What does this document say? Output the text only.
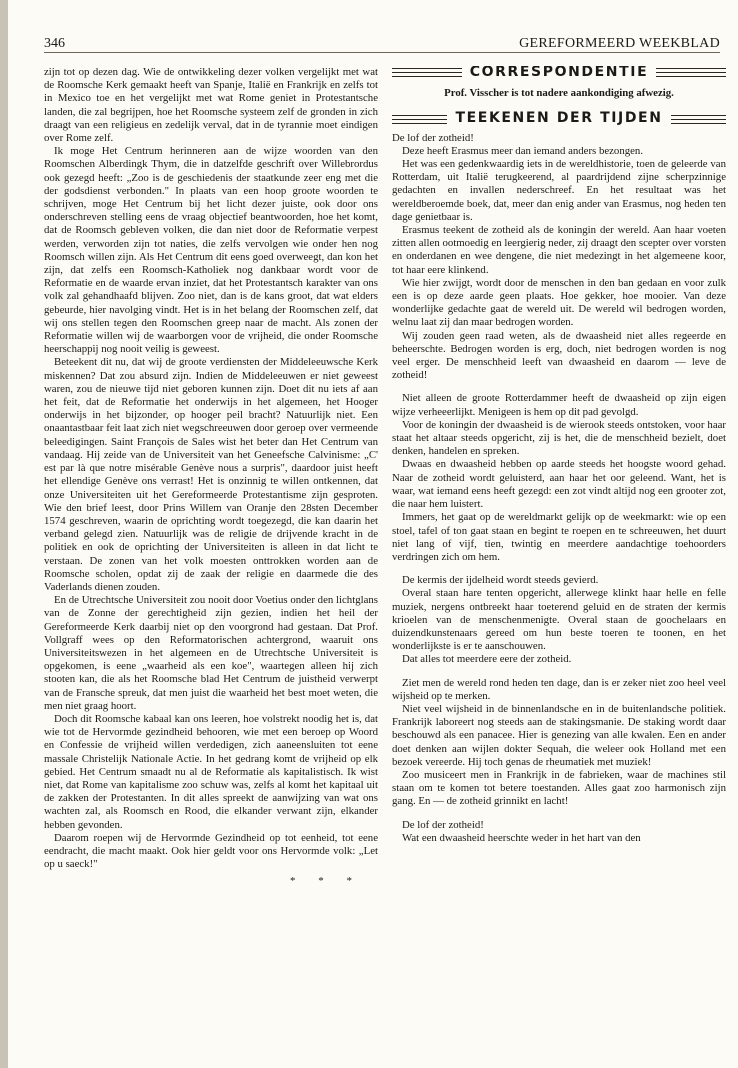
346	GEREFORMEERD WEEKBLAD

zijn tot op dezen dag. Wie de ontwikkeling dezer volken vergelijkt met wat de Roomsche Kerk gemaakt heeft van Spanje, Italië en Frankrijk en zelfs tot in Mexico toe en het vergelijkt met wat Rome geniet in Protestantsche landen, die zal begrijpen, hoe het Roomsche systeem zelf de gronden in zich draagt van een religieus en zedelijk verval, dat in de tyrannie moet eindigen over Rome zelf.

Ik moge Het Centrum herinneren aan de wijze woorden van den Roomschen Alberdingk Thym, die in datzelfde geschrift over Willebrordus ook gezegd heeft: „Zoo is de geschiedenis der staatkunde zeer eng met die der godsdienst verbonden." In plaats van een hoop groote woorden te schrijven, moge Het Centrum bij het licht dezer juiste, ook door ons onderschreven stelling eens de vraag objectief beantwoorden, hoe het komt, dat de Roomsch gebleven volken, die dan niet door de Reformatie verpest werden, verworden zijn tot naties, die zelfs vervolgen wie onder hen nog Roomsch willen zijn. Als Het Centrum dit eens goed overweegt, dan kon het zijn, dat zelfs een Roomsch-Katholiek nog dankbaar wordt voor de Reformatie en de waarde ervan inziet, dat het Protestantsch karakter van ons volk zal gehandhaafd blijven. Zoo niet, dan is de kans groot, dat wat elders gebeurde, hier navolging vindt. Het is in het belang der Roomschen zelf, dat wij ons stellen tegen den Roomschen greep naar de macht. Als zonen der Reformatie willen wij de waarborgen voor de vrijheid, die onder Roomsche heerschappij nog nooit veilig is geweest.

Beteekent dit nu, dat wij de groote verdiensten der Middeleeuwsche Kerk miskennen? Dat zou absurd zijn. Indien de Middeleeuwen er niet geweest waren, zou de nieuwe tijd niet geboren kunnen zijn. Doet dit nu iets af aan het feit, dat de Reformatie het onderwijs in het algemeen, het Hooger onderwijs in het bijzonder, op hooger peil bracht? Natuurlijk niet. Een onaantastbaar feit laat zich niet wegschreeuwen door geroep over vermeende beleedigingen. Saint François de Sales wist het beter dan Het Centrum van vandaag. Hij zeide van de Universiteit van het Geneefsche Calvinisme: „C' est par là que notre misérable Genève nous a surpris", daardoor juist heeft het ellendige Genève ons verrast! Het is onzinnig te willen ontkennen, dat onze Universiteiten uit het Gereformeerde Protestantisme zijn gesproten. Wie den brief leest, door Prins Willem van Oranje den 28sten December 1574 geschreven, waarin de oprichting wordt toegezegd, die kan daarin het verband gelegd zien. Natuurlijk was de religie de drijvende kracht in de politiek en ook de oprichting der Universiteiten is alleen in dat licht te verstaan. De zonen van het volk moesten onttrokken worden aan de Roomsche scholen, opdat zij de zaak der religie en daarmede die des Vaderlands dienen zouden.

En de Utrechtsche Universiteit zou nooit door Voetius onder den lichtglans van de Zonne der gerechtigheid zijn gezien, indien het heil der Gereformeerde Kerk daarbij niet op den voorgrond had gestaan. Dat Prof. Vollgraff wees op den Reformatorischen achtergrond, waaruit ons Universiteitswezen in het algemeen en de Utrechtsche Universiteit is opgekomen, is eene „waarheid als een koe", waartegen alleen hij zich stooten kan, die als het Roomsche blad Het Centrum de juistheid verwerpt van de Fransche spreuk, dat men juist die waarheid het best moet weten, die men niet graag hoort.

Doch dit Roomsche kabaal kan ons leeren, hoe volstrekt noodig het is, dat wie tot de Hervormde gezindheid behooren, wie met een beroep op Woord en Confessie de vrijheid willen verdedigen, zich aaneensluiten tot eene massale Christelijk Nationale Actie. In het gedrang komt de vrijheid op elk gebied. Het Centrum smaadt nu al de Reformatie als kapitalistisch. Ik wist niet, dat Rome van kapitalisme zoo schuw was, zelfs al komt het kapitaal uit de zakken der Protestanten. In dit alles spreekt de aanwijzing van wat ons wachten zal, als Roomsch en Rood, die elkander verwant zijn, elkander hebben gevonden.

Daarom roepen wij de Hervormde Gezindheid op tot eenheid, tot eene eendracht, die macht maakt. Ook hier geldt voor ons Hervormde volk: „Let op u saeck!"

* * *
CORRESPONDENTIE
Prof. Visscher is tot nadere aankondiging afwezig.
TEEKENEN DER TIJDEN

De lof der zotheid!

Deze heeft Erasmus meer dan iemand anders bezongen.

Het was een gedenkwaardig iets in de wereldhistorie, toen de geleerde van Rotterdam, uit Italië terugkeerend, al paardrijdend zijne scherpzinnige gedachten en invallen nederschreef. En het resultaat was het wereldberoemde boek, dat, meer dan enig ander van Erasmus, nog heden ten dage genietbaar is.

Erasmus teekent de zotheid als de koningin der wereld. Aan haar voeten zitten allen ootmoedig en leergierig neder, zij draagt den scepter over vorsten en onderdanen en wee dengene, die niet medezingt in het algemeene koor, tot haar eere klinkend.

Wie hier zwijgt, wordt door de menschen in den ban gedaan en voor zulk een is op deze aarde geen plaats. Hoe gekker, hoe mooier. Van deze wonderlijke gedachte gaat de wereld uit. De wereld wil bedrogen worden, welnu laat zij dan maar bedrogen worden.

Wij zouden geen raad weten, als de dwaasheid niet alles regeerde en beheerschte. Bedrogen worden is erg, doch, niet bedrogen worden is nog veel erger. De menschheid leeft van dwaasheid en daarom — leve de zotheid!

Niet alleen de groote Rotterdammer heeft de dwaasheid op zijn eigen wijze verheeerlijkt. Menigeen is hem op dit pad gevolgd.

Voor de koningin der dwaasheid is de wierook steeds ontstoken, voor haar staat het altaar steeds opgericht, zij is het, die de menschheid bezielt, doet denken, handelen en spreken.

Dwaas en dwaasheid hebben op aarde steeds het hoogste woord gehad. Naar de zotheid wordt geluisterd, aan haar het oor geleend. Want, het is waar, wat iemand eens heeft gezegd: een zot vindt altijd nog een grooter zot, die naar hem luistert.

Immers, het gaat op de wereldmarkt gelijk op de weekmarkt: wie op een stoel, tafel of ton gaat staan en begint te roepen en te schreeuwen, het duurt niet lang of vijf, tien, twintig en meerdere aandachtige toehoorders verdringen zich om hem.

De kermis der ijdelheid wordt steeds gevierd.

Overal staan hare tenten opgericht, allerwege klinkt haar helle en felle muziek, nergens ontbreekt haar toeterend geluid en de straten der kermis krioelen van de menschenmenigte. Overal staan de goochelaars en duizendkunstenaars gereed om hun beste toeren te toonen, en het wonderlijkste is er te aanschouwen.

Dat alles tot meerdere eere der zotheid.

Ziet men de wereld rond heden ten dage, dan is er zeker niet zoo heel veel wijsheid op te merken.

Niet veel wijsheid in de binnenlandsche en in de buitenlandsche politiek. Frankrijk laboreert nog steeds aan de stakingsmanie. De staking wordt daar beschouwd als een panacee. Hier is genezing van alle kwalen. Een en ander doet denken aan wijlen dokter Sequah, die weleer ook Holland met een bezoek vereerde. Hij toch genas de rheumatiek met muziek!

Zoo musiceert men in Frankrijk in de fabrieken, waar de machines stil staan om te komen tot betere toestanden. Alles gaat zoo harmonisch zijn gang. En — de zotheid grinnikt en lacht!

De lof der zotheid!

Wat een dwaasheid heerschte weder in het hart van den
